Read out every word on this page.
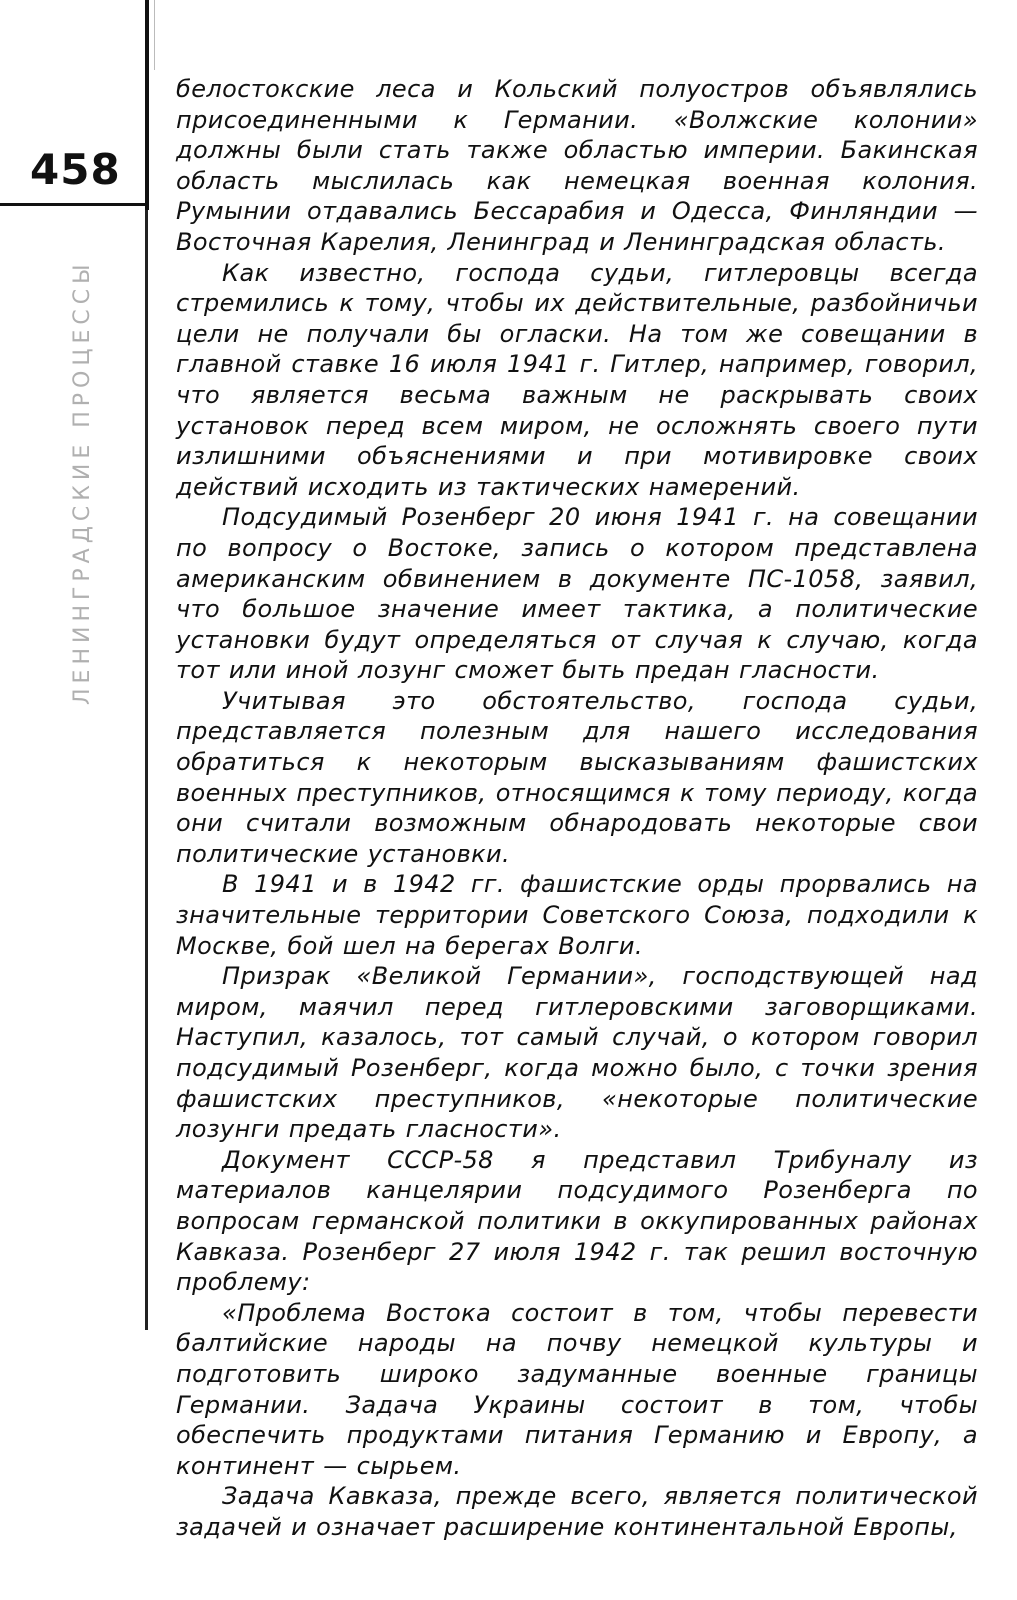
458
ЛЕНИНГРАДСКИЕ ПРОЦЕССЫ

белостокские леса и Кольский полуостров объявлялись присоединенными к Германии. «Волжские колонии» должны были стать также областью империи. Бакинская область мыслилась как немецкая военная колония. Румынии отдавались Бессарабия и Одесса, Финляндии — Восточная Карелия, Ленинград и Ленинградская область.

Как известно, господа судьи, гитлеровцы всегда стремились к тому, чтобы их действительные, разбойничьи цели не получали бы огласки. На том же совещании в главной ставке 16 июля 1941 г. Гитлер, например, говорил, что является весьма важным не раскрывать своих установок перед всем миром, не осложнять своего пути излишними объяснениями и при мотивировке своих действий исходить из тактических намерений.

Подсудимый Розенберг 20 июня 1941 г. на совещании по вопросу о Востоке, запись о котором представлена американским обвинением в документе ПС-1058, заявил, что большое значение имеет тактика, а политические установки будут определяться от случая к случаю, когда тот или иной лозунг сможет быть предан гласности.

Учитывая это обстоятельство, господа судьи, представляется полезным для нашего исследования обратиться к некоторым высказываниям фашистских военных преступников, относящимся к тому периоду, когда они считали возможным обнародовать некоторые свои политические установки.

В 1941 и в 1942 гг. фашистские орды прорвались на значительные территории Советского Союза, подходили к Москве, бой шел на берегах Волги.

Призрак «Великой Германии», господствующей над миром, маячил перед гитлеровскими заговорщиками. Наступил, казалось, тот самый случай, о котором говорил подсудимый Розенберг, когда можно было, с точки зрения фашистских преступников, «некоторые политические лозунги предать гласности».

Документ СССР-58 я представил Трибуналу из материалов канцелярии подсудимого Розенберга по вопросам германской политики в оккупированных районах Кавказа. Розенберг 27 июля 1942 г. так решил восточную проблему:

«Проблема Востока состоит в том, чтобы перевести балтийские народы на почву немецкой культуры и подготовить широко задуманные военные границы Германии. Задача Украины состоит в том, чтобы обеспечить продуктами питания Германию и Европу, а континент — сырьем.

Задача Кавказа, прежде всего, является политической задачей и означает расширение континентальной Европы,
